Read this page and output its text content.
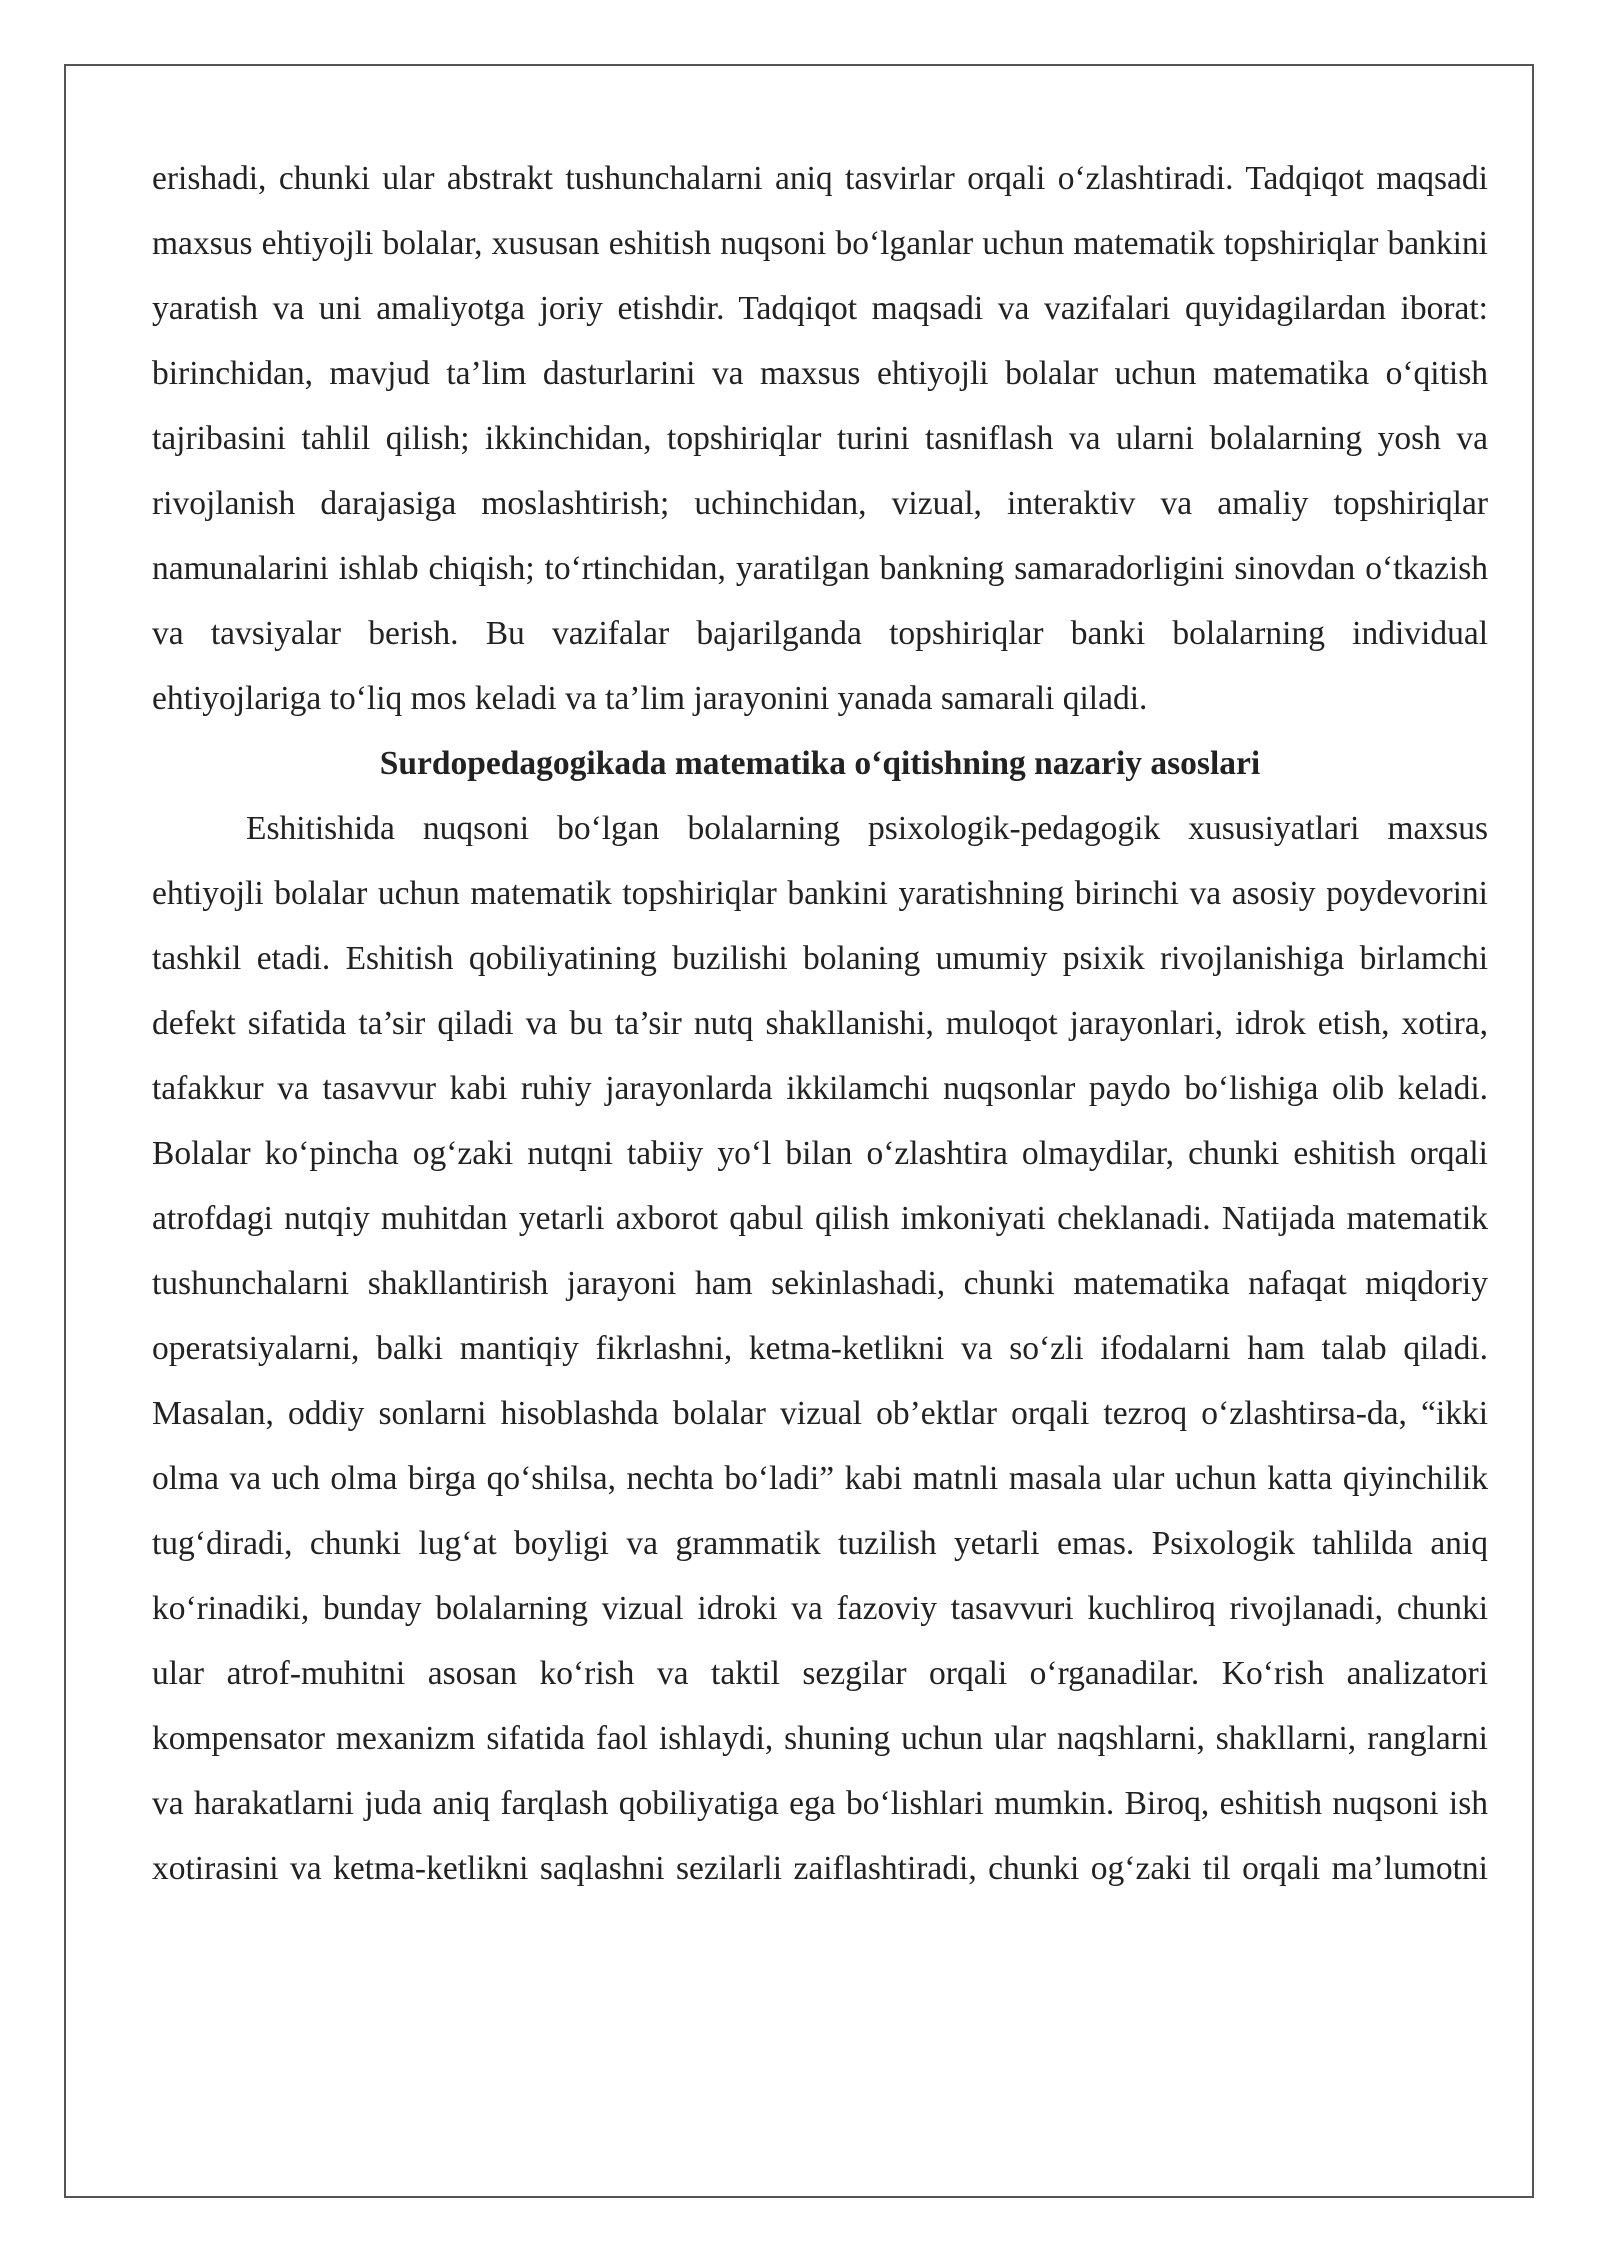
erishadi, chunki ular abstrakt tushunchalarni aniq tasvirlar orqali o‘zlashtiradi. Tadqiqot maqsadi maxsus ehtiyojli bolalar, xususan eshitish nuqsoni bo‘lganlar uchun matematik topshiriqlar bankini yaratish va uni amaliyotga joriy etishdir. Tadqiqot maqsadi va vazifalari quyidagilardan iborat: birinchidan, mavjud ta’lim dasturlarini va maxsus ehtiyojli bolalar uchun matematika o‘qitish tajribasini tahlil qilish; ikkinchidan, topshiriqlar turini tasniflash va ularni bolalarning yosh va rivojlanish darajasiga moslashtirish; uchinchidan, vizual, interaktiv va amaliy topshiriqlar namunalarini ishlab chiqish; to‘rtinchidan, yaratilgan bankning samaradorligini sinovdan o‘tkazish va tavsiyalar berish. Bu vazifalar bajarilganda topshiriqlar banki bolalarning individual ehtiyojlariga to‘liq mos keladi va ta’lim jarayonini yanada samarali qiladi.

Surdopedagogikada matematika o‘qitishning nazariy asoslari

Eshitishida nuqsoni bo‘lgan bolalarning psixologik-pedagogik xususiyatlari maxsus ehtiyojli bolalar uchun matematik topshiriqlar bankini yaratishning birinchi va asosiy poydevorini tashkil etadi. Eshitish qobiliyatining buzilishi bolaning umumiy psixik rivojlanishiga birlamchi defekt sifatida ta’sir qiladi va bu ta’sir nutq shakllanishi, muloqot jarayonlari, idrok etish, xotira, tafakkur va tasavvur kabi ruhiy jarayonlarda ikkilamchi nuqsonlar paydo bo‘lishiga olib keladi. Bolalar ko‘pincha og‘zaki nutqni tabiiy yo‘l bilan o‘zlashtira olmaydilar, chunki eshitish orqali atrofdagi nutqiy muhitdan yetarli axborot qabul qilish imkoniyati cheklanadi. Natijada matematik tushunchalarni shakllantirish jarayoni ham sekinlashadi, chunki matematika nafaqat miqdoriy operatsiyalarni, balki mantiqiy fikrlashni, ketma-ketlikni va so‘zli ifodalarni ham talab qiladi. Masalan, oddiy sonlarni hisoblashda bolalar vizual ob’ektlar orqali tezroq o‘zlashtirsa-da, “ikki olma va uch olma birga qo‘shilsa, nechta bo‘ladi” kabi matnli masala ular uchun katta qiyinchilik tug‘diradi, chunki lug‘at boyligi va grammatik tuzilish yetarli emas. Psixologik tahlilda aniq ko‘rinadiki, bunday bolalarning vizual idroki va fazoviy tasavvuri kuchliroq rivojlanadi, chunki ular atrof-muhitni asosan ko‘rish va taktil sezgilar orqali o‘rganadilar. Ko‘rish analizatori kompensator mexanizm sifatida faol ishlaydi, shuning uchun ular naqshlarni, shakllarni, ranglarni va harakatlarni juda aniq farqlash qobiliyatiga ega bo‘lishlari mumkin. Biroq, eshitish nuqsoni ish xotirasini va ketma-ketlikni saqlashni sezilarli zaiflashtiradi, chunki og‘zaki til orqali ma’lumotni
